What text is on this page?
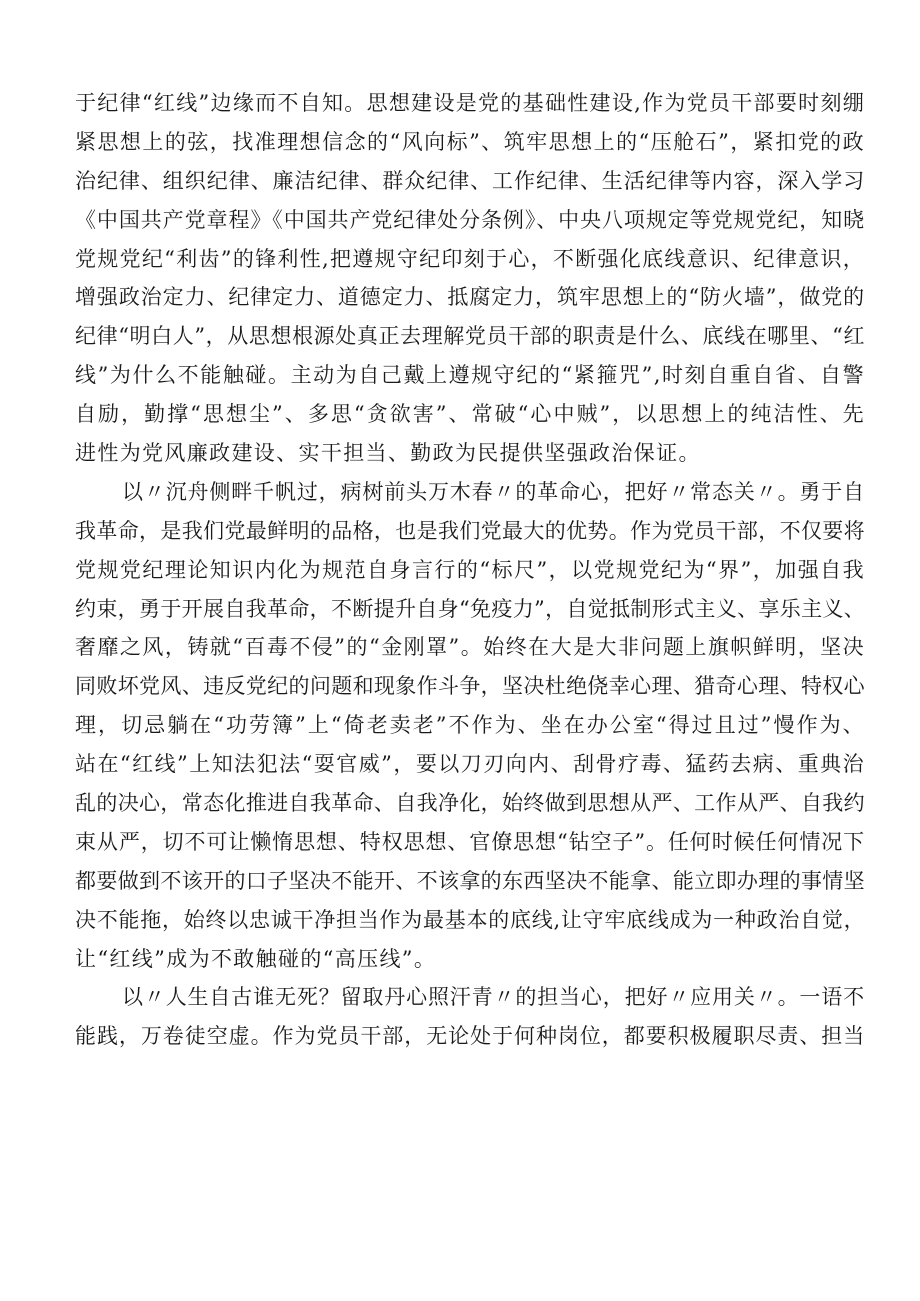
于纪律“红线”边缘而不自知。思想建设是党的基础性建设,作为党员干部要时刻绷
紧思想上的弦，找准理想信念的“风向标”、筑牢思想上的“压舱石”，紧扣党的政
治纪律、组织纪律、廉洁纪律、群众纪律、工作纪律、生活纪律等内容，深入学习
《中国共产党章程》《中国共产党纪律处分条例》、中央八项规定等党规党纪，知晓
党规党纪“利齿”的锋利性,把遵规守纪印刻于心，不断强化底线意识、纪律意识，
增强政治定力、纪律定力、道德定力、抵腐定力，筑牢思想上的“防火墙”，做党的
纪律“明白人”，从思想根源处真正去理解党员干部的职责是什么、底线在哪里、“红
线”为什么不能触碰。主动为自己戴上遵规守纪的“紧箍咒”,时刻自重自省、自警
自励，勤撑“思想尘”、多思“贪欲害”、常破“心中贼”，以思想上的纯洁性、先
进性为党风廉政建设、实干担当、勤政为民提供坚强政治保证。
以〃沉舟侧畔千帆过，病树前头万木春〃的革命心，把好〃常态关〃。勇于自
我革命，是我们党最鲜明的品格，也是我们党最大的优势。作为党员干部，不仅要将
党规党纪理论知识内化为规范自身言行的“标尺”，以党规党纪为“界”，加强自我
约束，勇于开展自我革命，不断提升自身“免疫力”，自觉抵制形式主义、享乐主义、
奢靡之风，铸就“百毒不侵”的“金刚罩”。始终在大是大非问题上旗帜鲜明，坚决
同败坏党风、违反党纪的问题和现象作斗争，坚决杜绝侥幸心理、猎奇心理、特权心
理，切忌躺在“功劳簿”上“倚老卖老”不作为、坐在办公室“得过且过”慢作为、
站在“红线”上知法犯法“耍官威”，要以刀刃向内、刮骨疗毒、猛药去病、重典治
乱的决心，常态化推进自我革命、自我净化，始终做到思想从严、工作从严、自我约
束从严，切不可让懒惰思想、特权思想、官僚思想“钻空子”。任何时候任何情况下
都要做到不该开的口子坚决不能开、不该拿的东西坚决不能拿、能立即办理的事情坚
决不能拖，始终以忠诚干净担当作为最基本的底线,让守牢底线成为一种政治自觉，
让“红线”成为不敢触碰的“高压线”。
以〃人生自古谁无死？留取丹心照汗青〃的担当心，把好〃应用关〃。一语不
能践，万卷徒空虚。作为党员干部，无论处于何种岗位，都要积极履职尽责、担当
